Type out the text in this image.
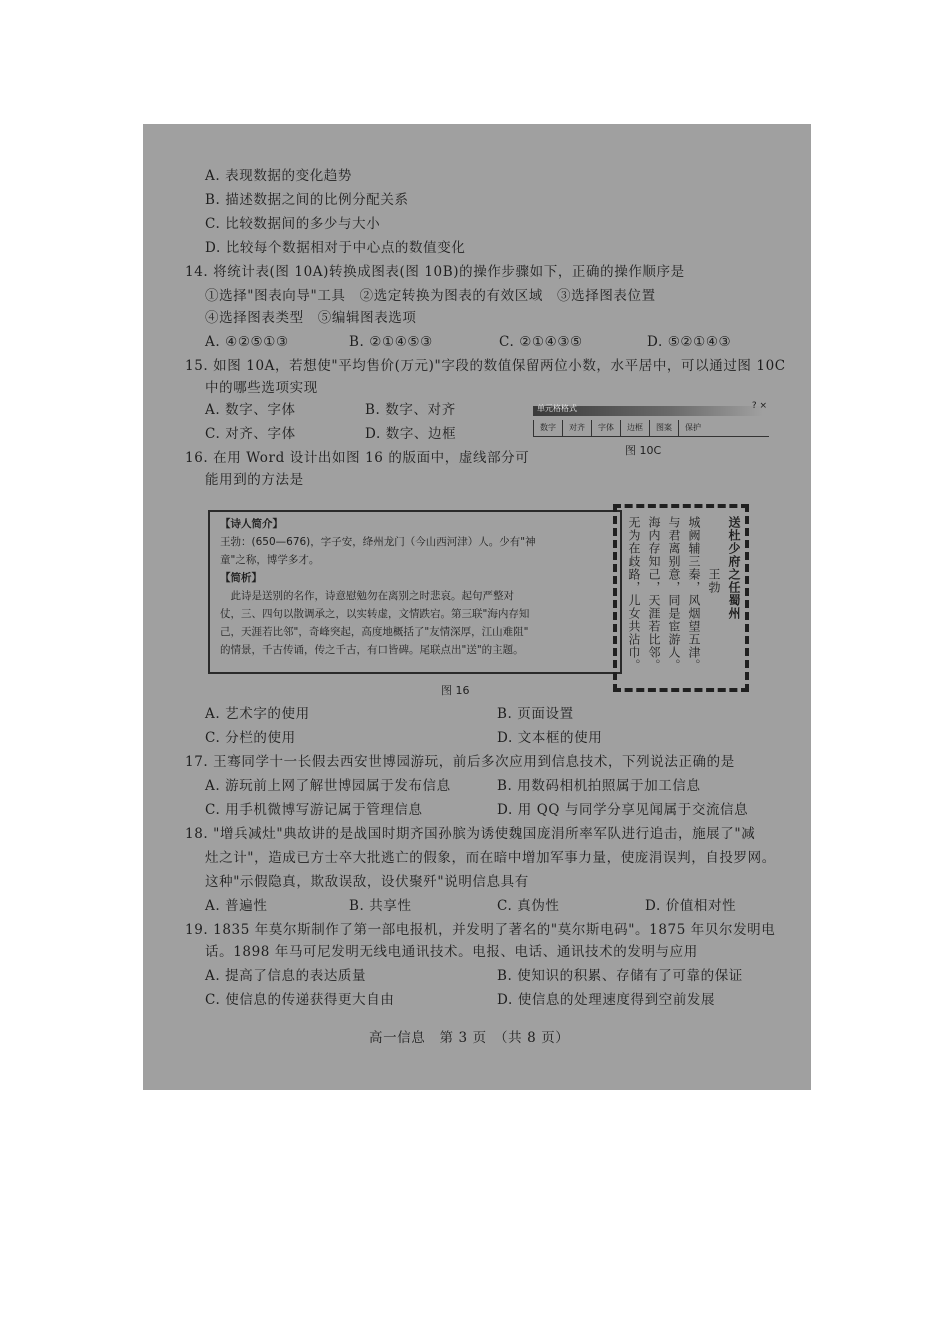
A. 表现数据的变化趋势
B. 描述数据之间的比例分配关系
C. 比较数据间的多少与大小
D. 比较每个数据相对于中心点的数值变化
14. 将统计表(图 10A)转换成图表(图 10B)的操作步骤如下，正确的操作顺序是
①选择"图表向导"工具　②选定转换为图表的有效区域　③选择图表位置
④选择图表类型　⑤编辑图表选项
A. ④②⑤①③	B. ②①④⑤③	C. ②①④③⑤	D. ⑤②①④③
15. 如图 10A，若想使"平均售价(万元)"字段的数值保留两位小数，水平居中，可以通过图 10C
中的哪些选项实现
A. 数字、字体	B. 数字、对齐
C. 对齐、字体	D. 数字、边框
单元格格式	? ×
数字	对齐	字体	边框	图案	保护
图 10C
16. 在用 Word 设计出如图 16 的版面中，虚线部分可
能用到的方法是
【诗人简介】
王勃：(650—676)，字子安，绛州龙门（今山西河津）人。少有"神
童"之称，博学多才。
【简析】
　此诗是送别的名作，诗意慰勉勿在离别之时悲哀。起句严整对
仗，三、四句以散调承之，以实转虚，文情跌宕。第三联"海内存知
己，天涯若比邻"，奇峰突起，高度地概括了"友情深厚，江山难阻"
的情景，千古传诵，传之千古，有口皆碑。尾联点出"送"的主题。
送杜少府之任蜀州
王勃
城阙辅三秦，风烟望五津。
与君离别意，同是宦游人。
海内存知己，天涯若比邻。
无为在歧路，儿女共沾巾。
图 16
A. 艺术字的使用	B. 页面设置
C. 分栏的使用	D. 文本框的使用
17. 王骞同学十一长假去西安世博园游玩，前后多次应用到信息技术，下列说法正确的是
A. 游玩前上网了解世博园属于发布信息	B. 用数码相机拍照属于加工信息
C. 用手机微博写游记属于管理信息	D. 用 QQ 与同学分享见闻属于交流信息
18. "增兵减灶"典故讲的是战国时期齐国孙膑为诱使魏国庞涓所率军队进行追击，施展了"减
灶之计"，造成已方士卒大批逃亡的假象，而在暗中增加军事力量，使庞涓误判，自投罗网。
这种"示假隐真，欺敌误敌，设伏聚歼"说明信息具有
A. 普遍性	B. 共享性	C. 真伪性	D. 价值相对性
19. 1835 年莫尔斯制作了第一部电报机，并发明了著名的"莫尔斯电码"。1875 年贝尔发明电
话。1898 年马可尼发明无线电通讯技术。电报、电话、通讯技术的发明与应用
A. 提高了信息的表达质量	B. 使知识的积累、存储有了可靠的保证
C. 使信息的传递获得更大自由	D. 使信息的处理速度得到空前发展
高一信息　第 3 页　（共 8 页）
